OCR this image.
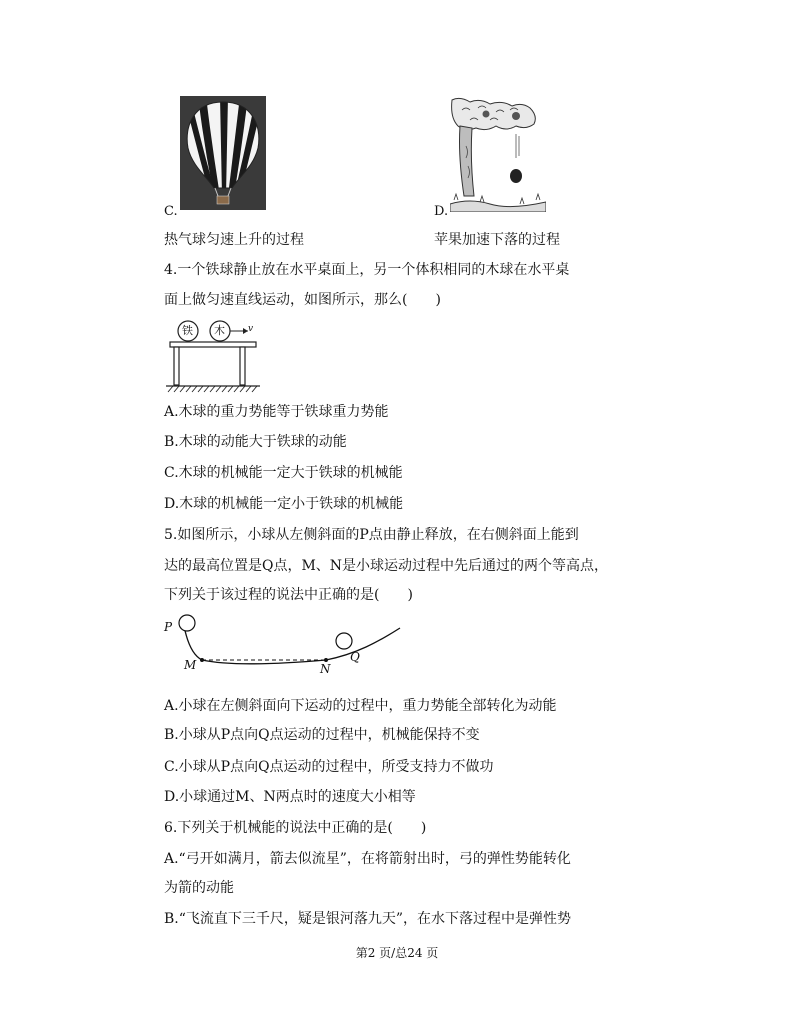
C.	D.
热气球匀速上升的过程	苹果加速下落的过程
4.一个铁球静止放在水平桌面上，另一个体积相同的木球在水平桌
面上做匀速直线运动，如图所示，那么(　　)
铁 木	v
A.木球的重力势能等于铁球重力势能
B.木球的动能大于铁球的动能
C.木球的机械能一定大于铁球的机械能
D.木球的机械能一定小于铁球的机械能
5.如图所示，小球从左侧斜面的P点由静止释放，在右侧斜面上能到
达的最高位置是Q点，M、N是小球运动过程中先后通过的两个等高点，
下列关于该过程的说法中正确的是(　　)
P
M	N
Q
A.小球在左侧斜面向下运动的过程中，重力势能全部转化为动能
B.小球从P点向Q点运动的过程中，机械能保持不变
C.小球从P点向Q点运动的过程中，所受支持力不做功
D.小球通过M、N两点时的速度大小相等
6.下列关于机械能的说法中正确的是(　　)
A.“弓开如满月，箭去似流星”，在将箭射出时，弓的弹性势能转化
为箭的动能
B.“飞流直下三千尺，疑是银河落九天”，在水下落过程中是弹性势
第2 页/总24 页
